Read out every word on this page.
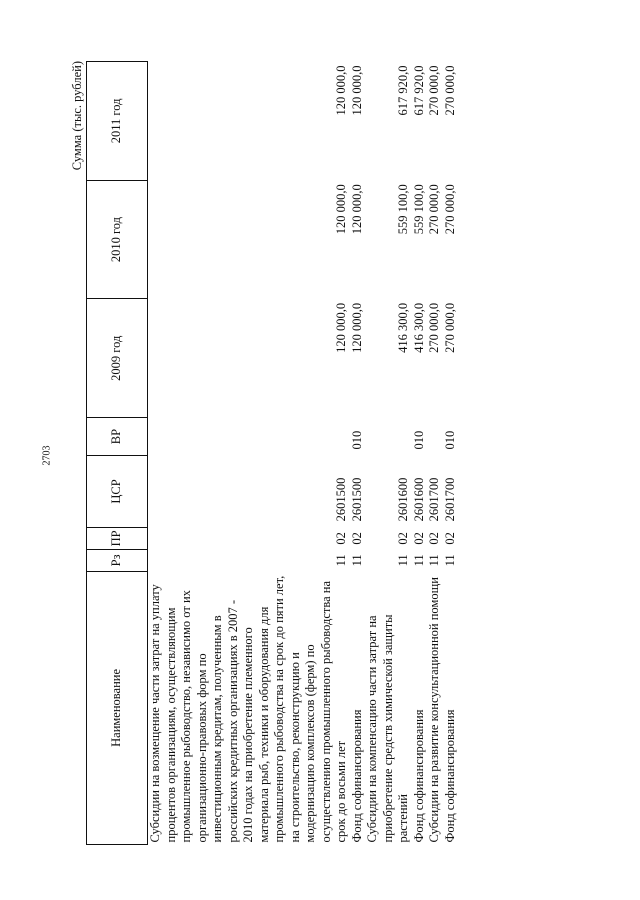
2703
Сумма (тыс. рублей)
Наименование	Рз	ПР	ЦСР	ВР	2009 год	2010 год	2011 год
Субсидии на возмещение части затрат на уплату процентов организациям, осуществляющим промышленное рыбоводство, независимо от их организационно-правовых форм по инвестиционным кредитам, полученным в российских кредитных организациях в 2007 - 2010 годах на приобретение племенного материала рыб, техники и оборудования для промышленного рыбоводства на срок до пяти лет, на строительство, реконструкцию и модернизацию комплексов (ферм) по осуществлению промышленного рыбоводства на срок до восьми лет	11	02	2601500		120 000,0	120 000,0	120 000,0
Фонд софинансирования	11	02	2601500	010	120 000,0	120 000,0	120 000,0
Субсидии на компенсацию части затрат на приобретение средств химической защиты растений	11	02	2601600		416 300,0	559 100,0	617 920,0
Фонд софинансирования	11	02	2601600	010	416 300,0	559 100,0	617 920,0
Субсидии на развитие консультационной помощи	11	02	2601700		270 000,0	270 000,0	270 000,0
Фонд софинансирования	11	02	2601700	010	270 000,0	270 000,0	270 000,0
